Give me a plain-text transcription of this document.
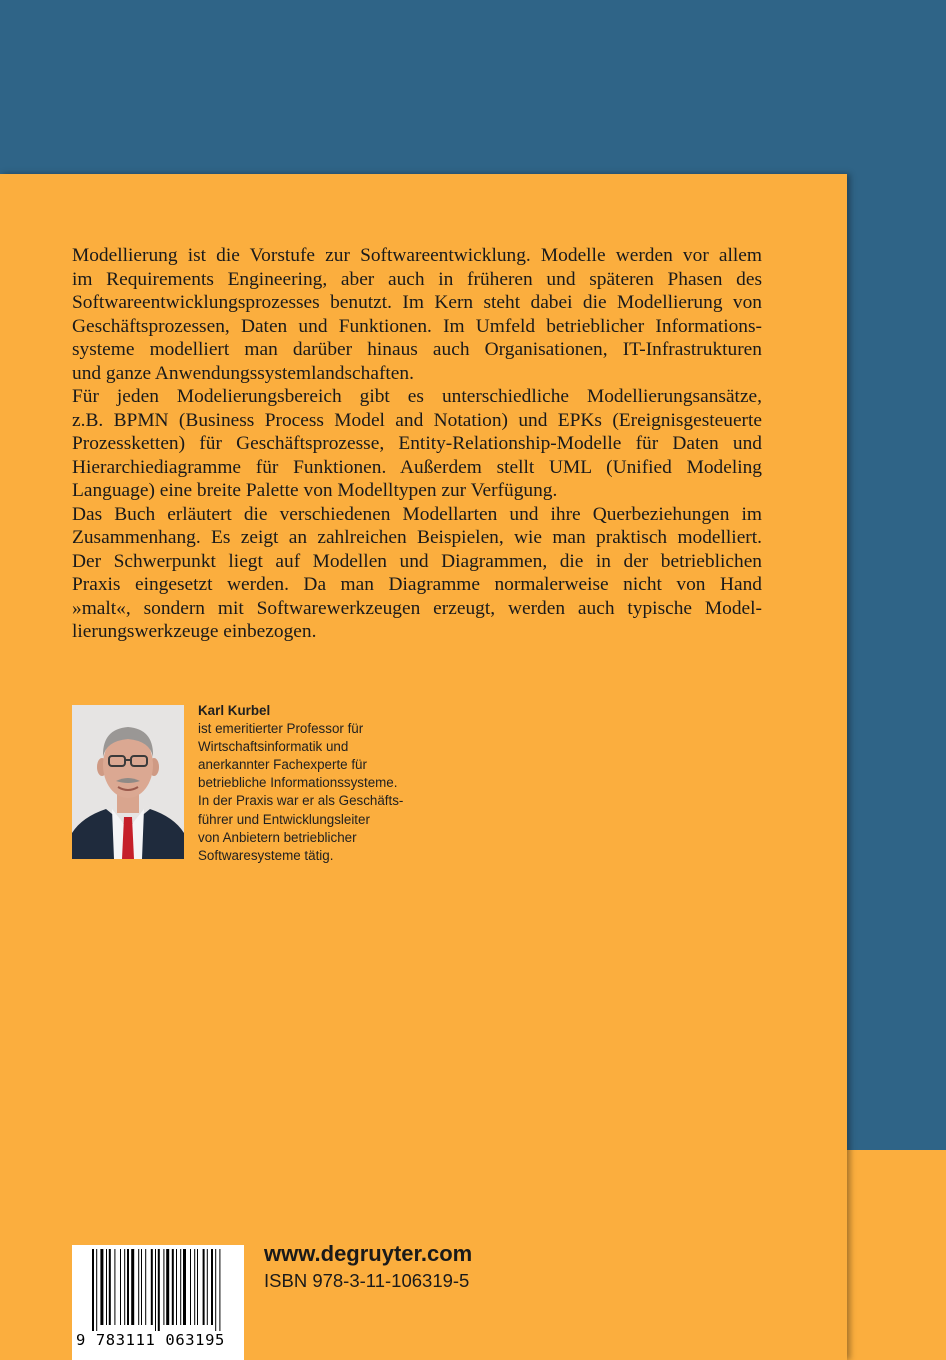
Modellierung ist die Vorstufe zur Softwareentwicklung. Modelle werden vor allem
im Requirements Engineering, aber auch in früheren und späteren Phasen des
Softwareentwicklungsprozesses benutzt. Im Kern steht dabei die Modellierung von
Geschäftsprozessen, Daten und Funktionen. Im Umfeld betrieblicher Informations-
systeme modelliert man darüber hinaus auch Organisationen, IT-Infrastrukturen
und ganze Anwendungssystemlandschaften.

Für jeden Modelierungsbereich gibt es unterschiedliche Modellierungsansätze,
z.B. BPMN (Business Process Model and Notation) und EPKs (Ereignisgesteuerte
Prozessketten) für Geschäftsprozesse, Entity-Relationship-Modelle für Daten und
Hierarchiediagramme für Funktionen. Außerdem stellt UML (Unified Modeling
Language) eine breite Palette von Modelltypen zur Verfügung.

Das Buch erläutert die verschiedenen Modellarten und ihre Querbeziehungen im
Zusammenhang. Es zeigt an zahlreichen Beispielen, wie man praktisch modelliert.
Der Schwerpunkt liegt auf Modellen und Diagrammen, die in der betrieblichen
Praxis eingesetzt werden. Da man Diagramme normalerweise nicht von Hand
»malt«, sondern mit Softwarewerkzeugen erzeugt, werden auch typische Model-
lierungswerkzeuge einbezogen.

Karl Kurbel
ist emeritierter Professor für
Wirtschaftsinformatik und
anerkannter Fachexperte für
betriebliche Informationssysteme.
In der Praxis war er als Geschäfts-
führer und Entwicklungsleiter
von Anbietern betrieblicher
Softwaresysteme tätig.
9 783111 063195
www.degruyter.com
ISBN 978-3-11-106319-5
